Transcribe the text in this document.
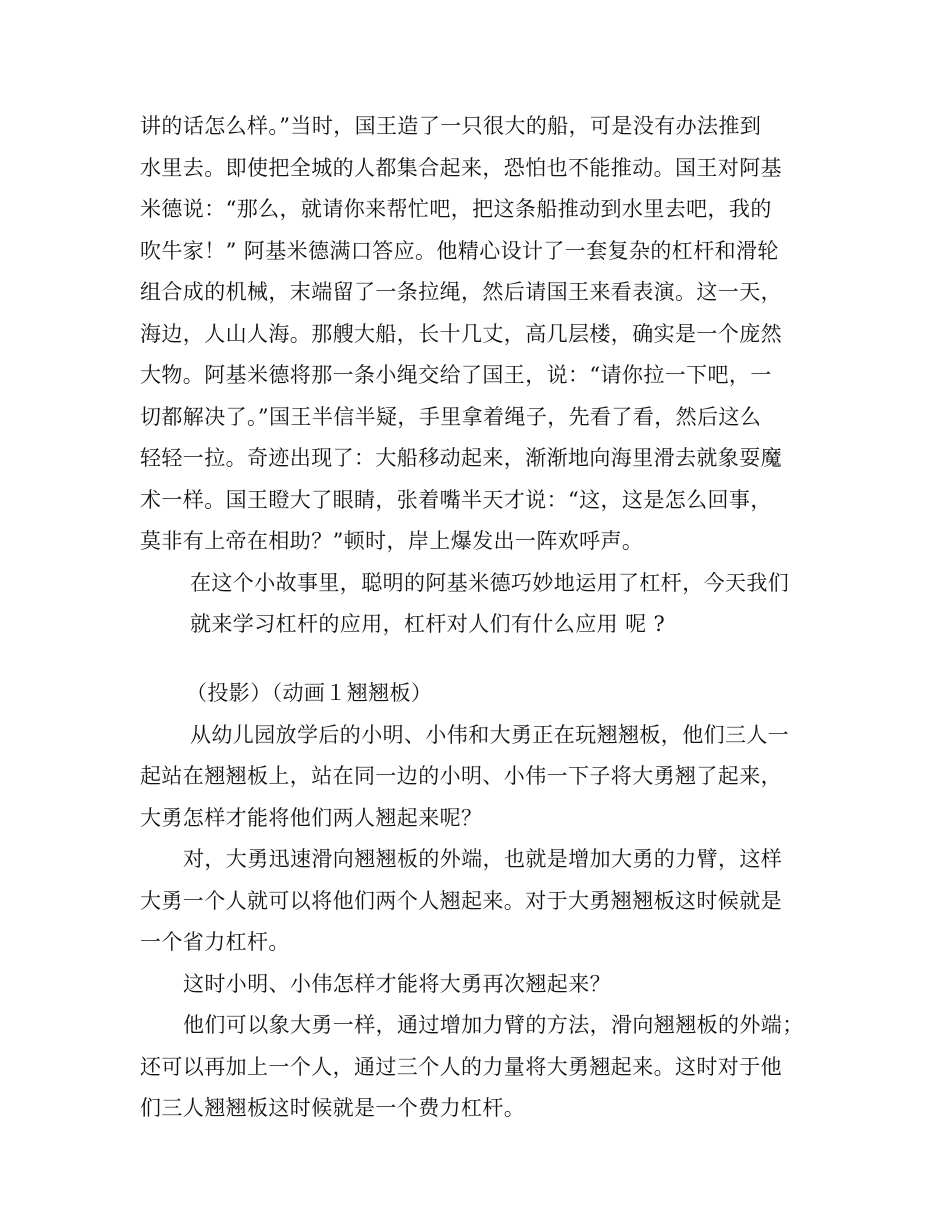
讲的话怎么样。”当时，国王造了一只很大的船，可是没有办法推到
水里去。即使把全城的人都集合起来，恐怕也不能推动。国王对阿基
米德说：“那么，就请你来帮忙吧，把这条船推动到水里去吧，我的
吹牛家！” 阿基米德满口答应。他精心设计了一套复杂的杠杆和滑轮
组合成的机械，末端留了一条拉绳，然后请国王来看表演。这一天，
海边，人山人海。那艘大船，长十几丈，高几层楼，确实是一个庞然
大物。阿基米德将那一条小绳交给了国王，说：“请你拉一下吧，一
切都解决了。”国王半信半疑，手里拿着绳子，先看了看，然后这么
轻轻一拉。奇迹出现了：大船移动起来，渐渐地向海里滑去就象耍魔
术一样。国王瞪大了眼睛，张着嘴半天才说：“这，这是怎么回事，
莫非有上帝在相助？”顿时，岸上爆发出一阵欢呼声。
在这个小故事里，聪明的阿基米德巧妙地运用了杠杆，今天我们
就来学习杠杆的应用，杠杆对人们有什么应用 呢 ?
（投影）（动画１翘翘板）
从幼儿园放学后的小明、小伟和大勇正在玩翘翘板，他们三人一
起站在翘翘板上，站在同一边的小明、小伟一下子将大勇翘了起来，
大勇怎样才能将他们两人翘起来呢？
对，大勇迅速滑向翘翘板的外端，也就是增加大勇的力臂，这样
大勇一个人就可以将他们两个人翘起来。对于大勇翘翘板这时候就是
一个省力杠杆。
这时小明、小伟怎样才能将大勇再次翘起来？
他们可以象大勇一样，通过增加力臂的方法，滑向翘翘板的外端；
还可以再加上一个人，通过三个人的力量将大勇翘起来。这时对于他
们三人翘翘板这时候就是一个费力杠杆。
